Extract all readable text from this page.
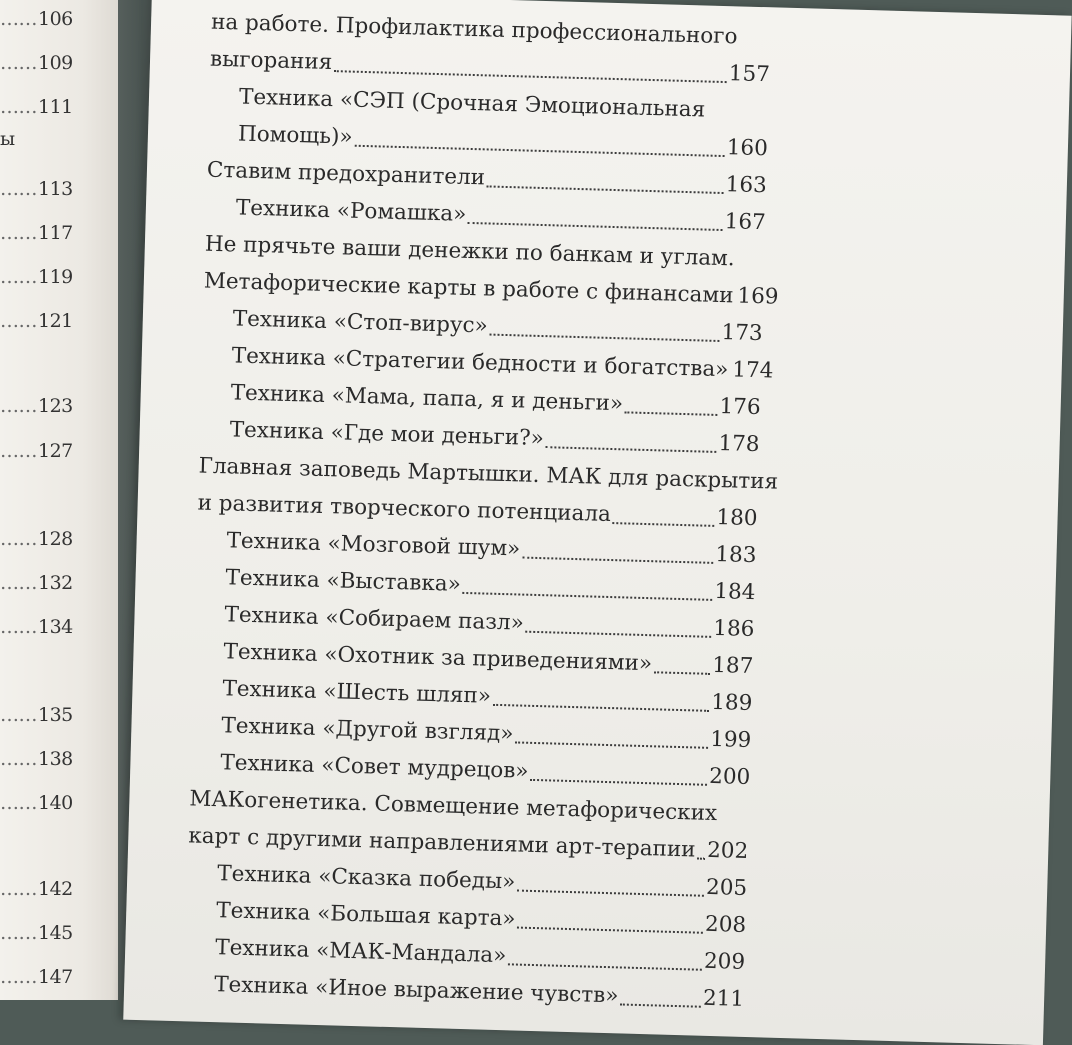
……106
……109
……111
……113
……117
……119
……121
……123
……127
……128
……132
……134
……135
……138
……140
……142
……145
……147
ы
на работе. Профилактика профессионального
выгорания	157
Техника «СЭП (Срочная Эмоциональная
Помощь)»	160
Ставим предохранители	163
Техника «Ромашка»	167
Не прячьте ваши денежки по банкам и углам.
Метафорические карты в работе с финансами 169
Техника «Стоп-вирус»	173
Техника «Стратегии бедности и богатства» 174
Техника «Мама, папа, я и деньги»	176
Техника «Где мои деньги?»	178
Главная заповедь Мартышки. МАК для раскрытия
и развития творческого потенциала	180
Техника «Мозговой шум»	183
Техника «Выставка»	184
Техника «Собираем пазл»	186
Техника «Охотник за приведениями»	187
Техника «Шесть шляп»	189
Техника «Другой взгляд»	199
Техника «Совет мудрецов»	200
МАКогенетика. Совмещение метафорических
карт с другими направлениями арт-терапии 202
Техника «Сказка победы»	205
Техника «Большая карта»	208
Техника «МАК-Мандала»	209
Техника «Иное выражение чувств»	211
